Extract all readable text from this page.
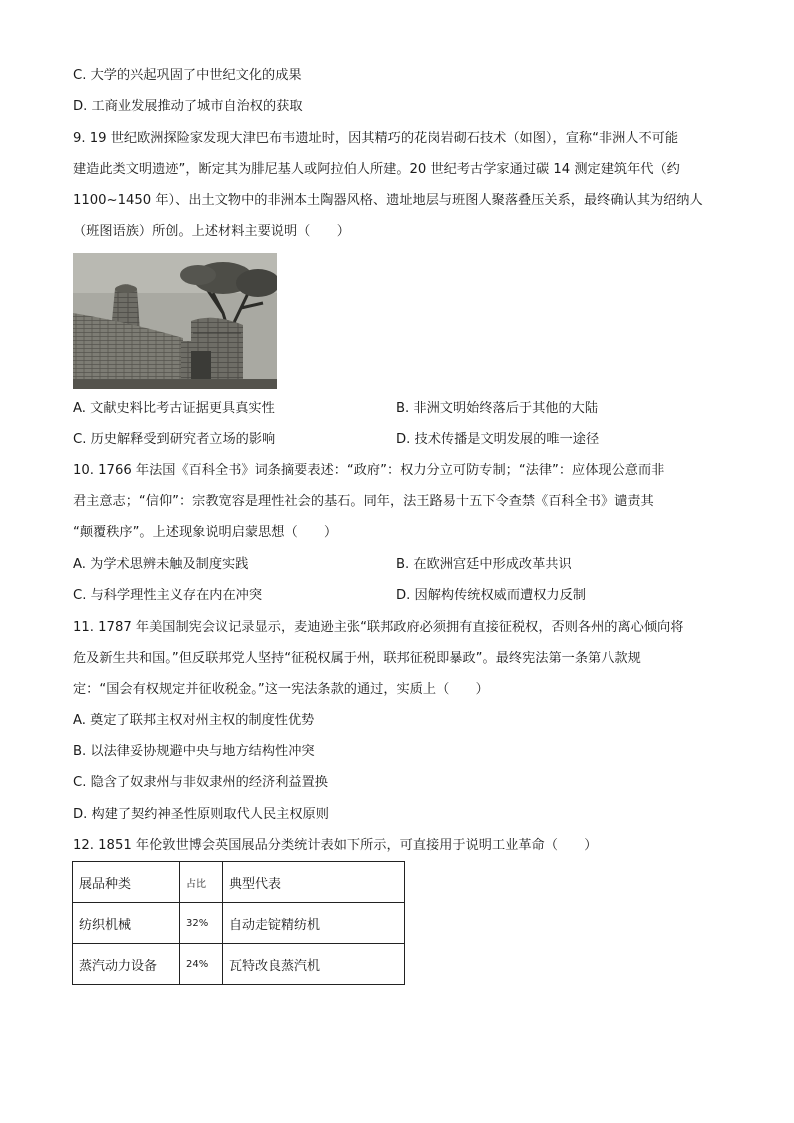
C. 大学的兴起巩固了中世纪文化的成果
D. 工商业发展推动了城市自治权的获取
9. 19 世纪欧洲探险家发现大津巴布韦遗址时，因其精巧的花岗岩砌石技术（如图），宣称“非洲人不可能
建造此类文明遗迹”，断定其为腓尼基人或阿拉伯人所建。20 世纪考古学家通过碳 14 测定建筑年代（约
1100~1450 年）、出土文物中的非洲本土陶器风格、遗址地层与班图人聚落叠压关系，最终确认其为绍纳人
（班图语族）所创。上述材料主要说明（　　）
A. 文献史料比考古证据更具真实性	B. 非洲文明始终落后于其他的大陆
C. 历史解释受到研究者立场的影响	D. 技术传播是文明发展的唯一途径
10. 1766 年法国《百科全书》词条摘要表述：“政府”：权力分立可防专制；“法律”：应体现公意而非
君主意志；“信仰”：宗教宽容是理性社会的基石。同年，法王路易十五下令查禁《百科全书》谴责其
“颠覆秩序”。上述现象说明启蒙思想（　　）
A. 为学术思辨未触及制度实践	B. 在欧洲宫廷中形成改革共识
C. 与科学理性主义存在内在冲突	D. 因解构传统权威而遭权力反制
11. 1787 年美国制宪会议记录显示，麦迪逊主张“联邦政府必须拥有直接征税权，否则各州的离心倾向将
危及新生共和国。”但反联邦党人坚持“征税权属于州，联邦征税即暴政”。最终宪法第一条第八款规
定：“国会有权规定并征收税金。”这一宪法条款的通过，实质上（　　）
A. 奠定了联邦主权对州主权的制度性优势
B. 以法律妥协规避中央与地方结构性冲突
C. 隐含了奴隶州与非奴隶州的经济利益置换
D. 构建了契约神圣性原则取代人民主权原则
12. 1851 年伦敦世博会英国展品分类统计表如下所示，可直接用于说明工业革命（　　）
展品种类	占比	典型代表
纺织机械	32%	自动走锭精纺机
蒸汽动力设备	24%	瓦特改良蒸汽机
